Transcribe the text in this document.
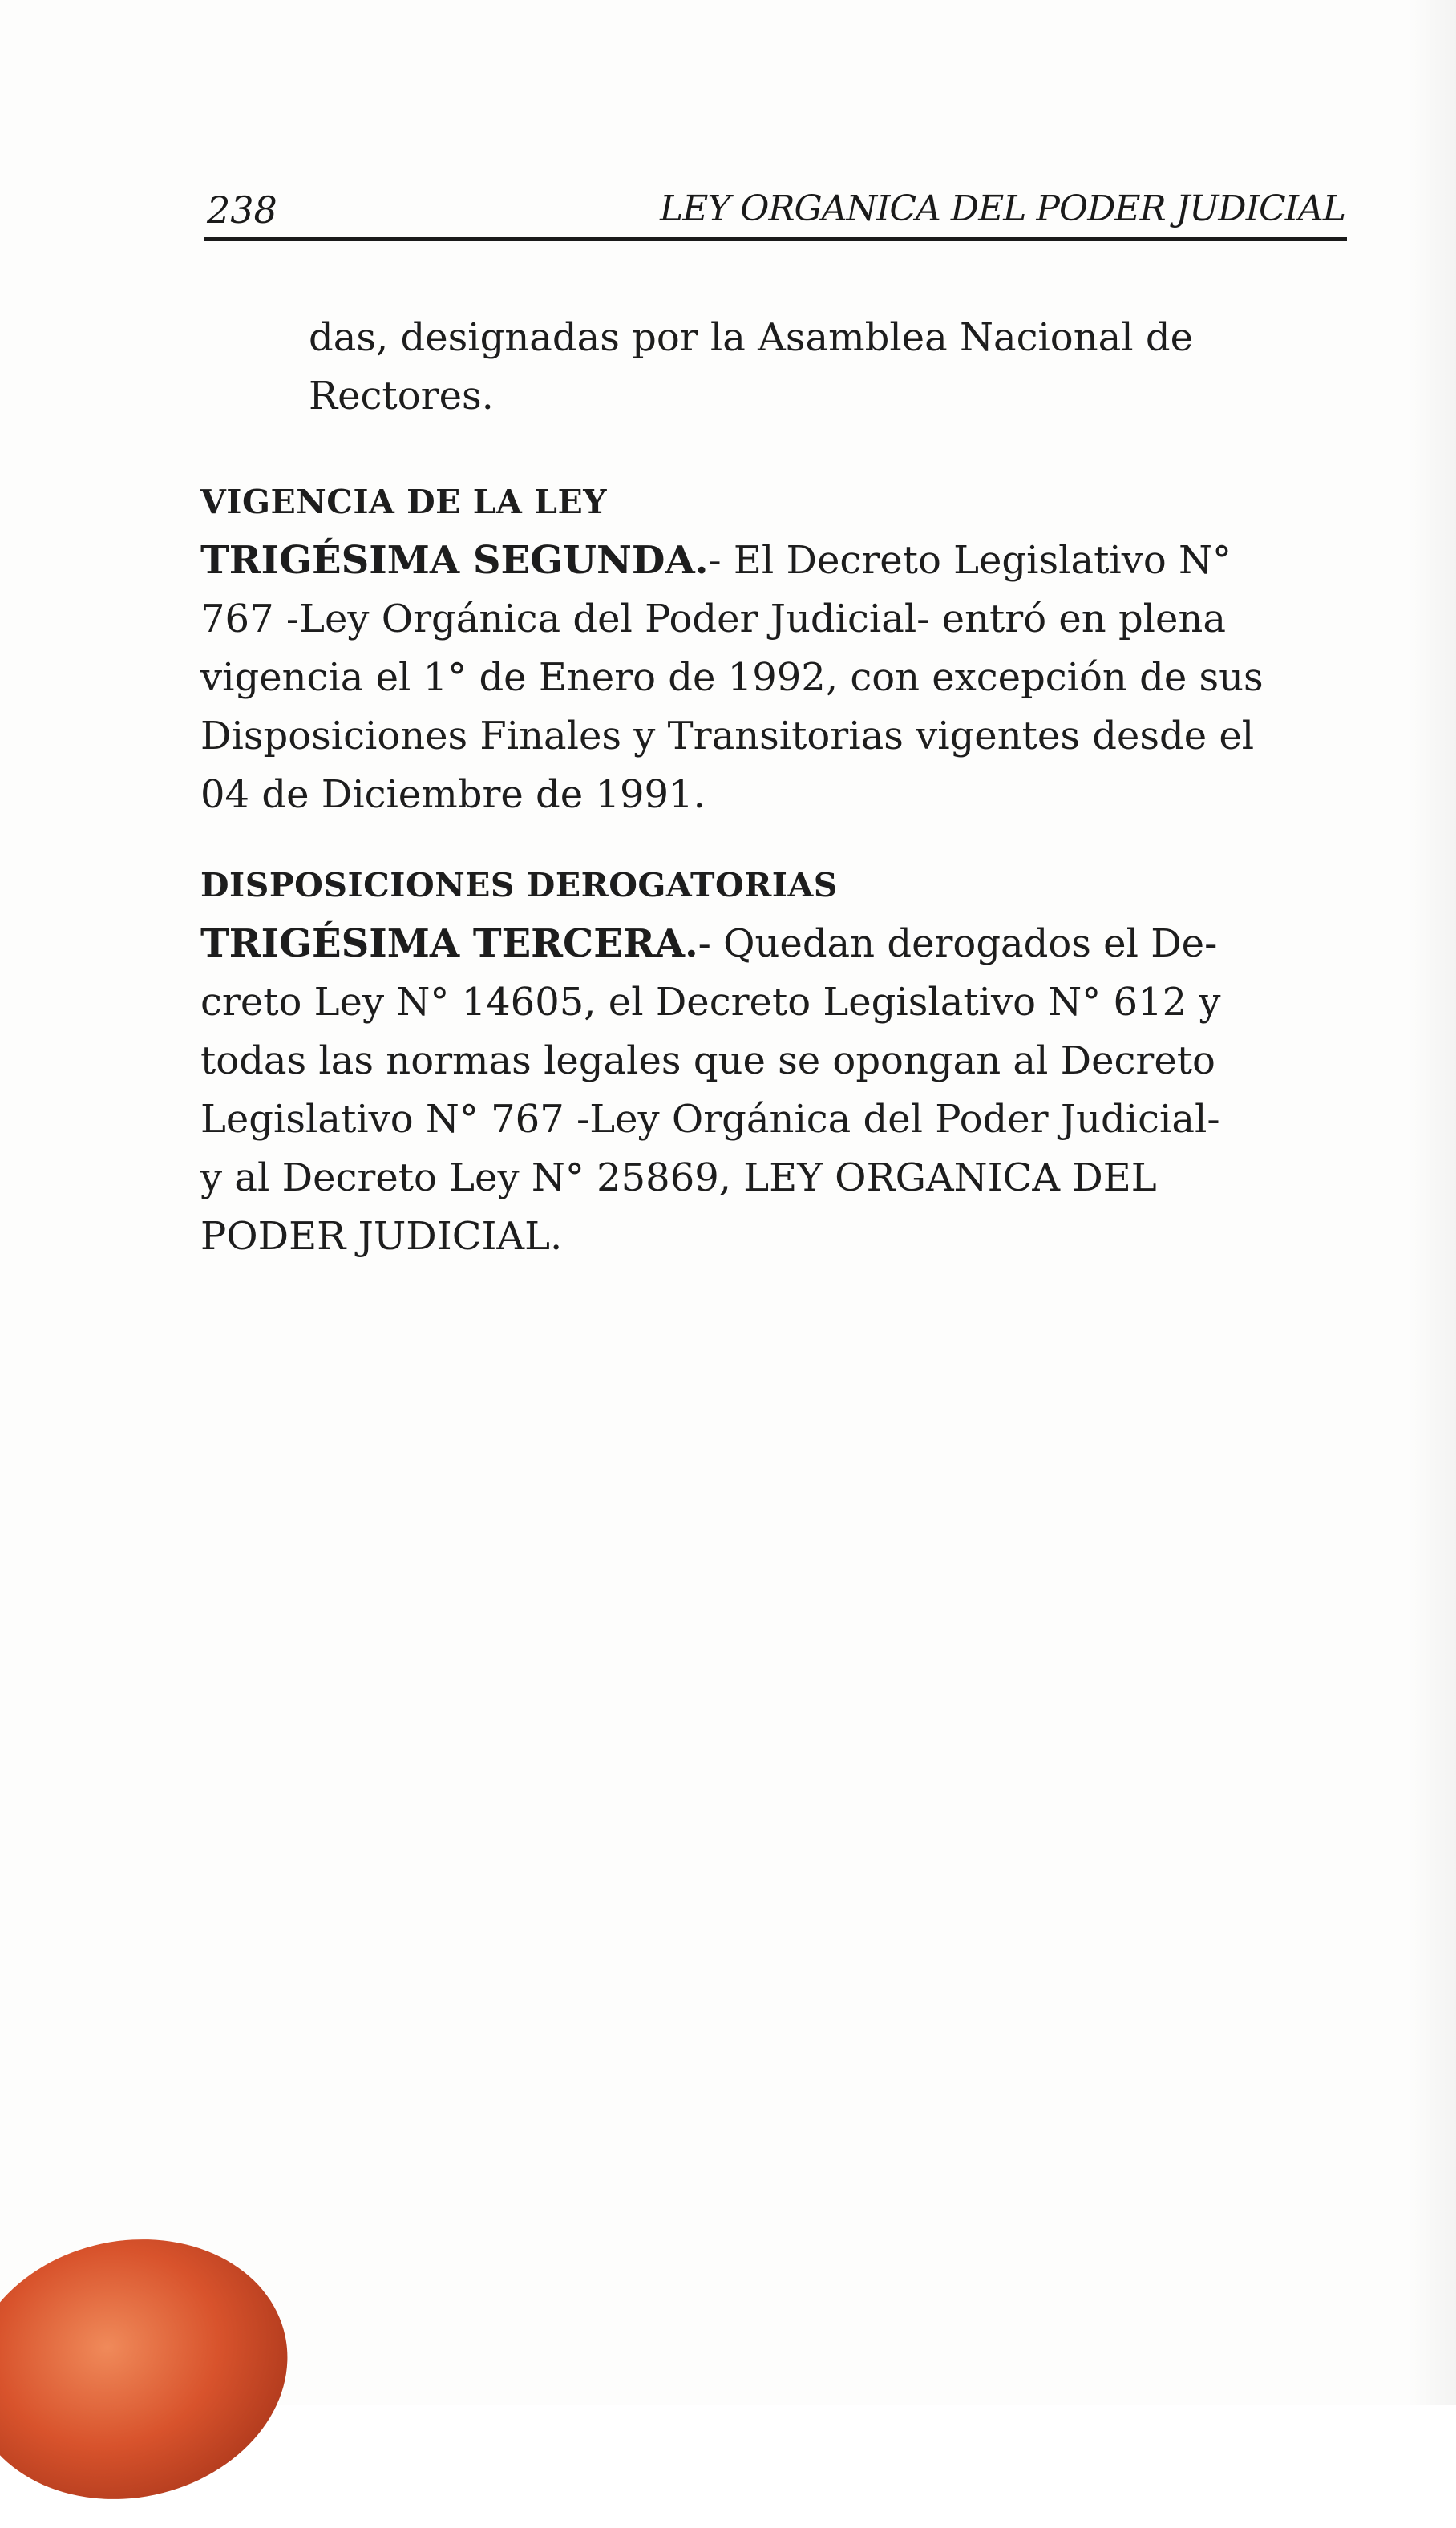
238	LEY ORGANICA DEL PODER JUDICIAL
das, designadas por la Asamblea Nacional de
Rectores.
VIGENCIA DE LA LEY
TRIGÉSIMA SEGUNDA.- El Decreto Legislativo N°
767 -Ley Orgánica del Poder Judicial- entró en plena
vigencia el 1° de Enero de 1992, con excepción de sus
Disposiciones Finales y Transitorias vigentes desde el
04 de Diciembre de 1991.
DISPOSICIONES DEROGATORIAS
TRIGÉSIMA TERCERA.- Quedan derogados el De-
creto Ley N° 14605, el Decreto Legislativo N° 612 y
todas las normas legales que se opongan al Decreto
Legislativo N° 767 -Ley Orgánica del Poder Judicial-
y al Decreto Ley N° 25869, LEY ORGANICA DEL
PODER JUDICIAL.
